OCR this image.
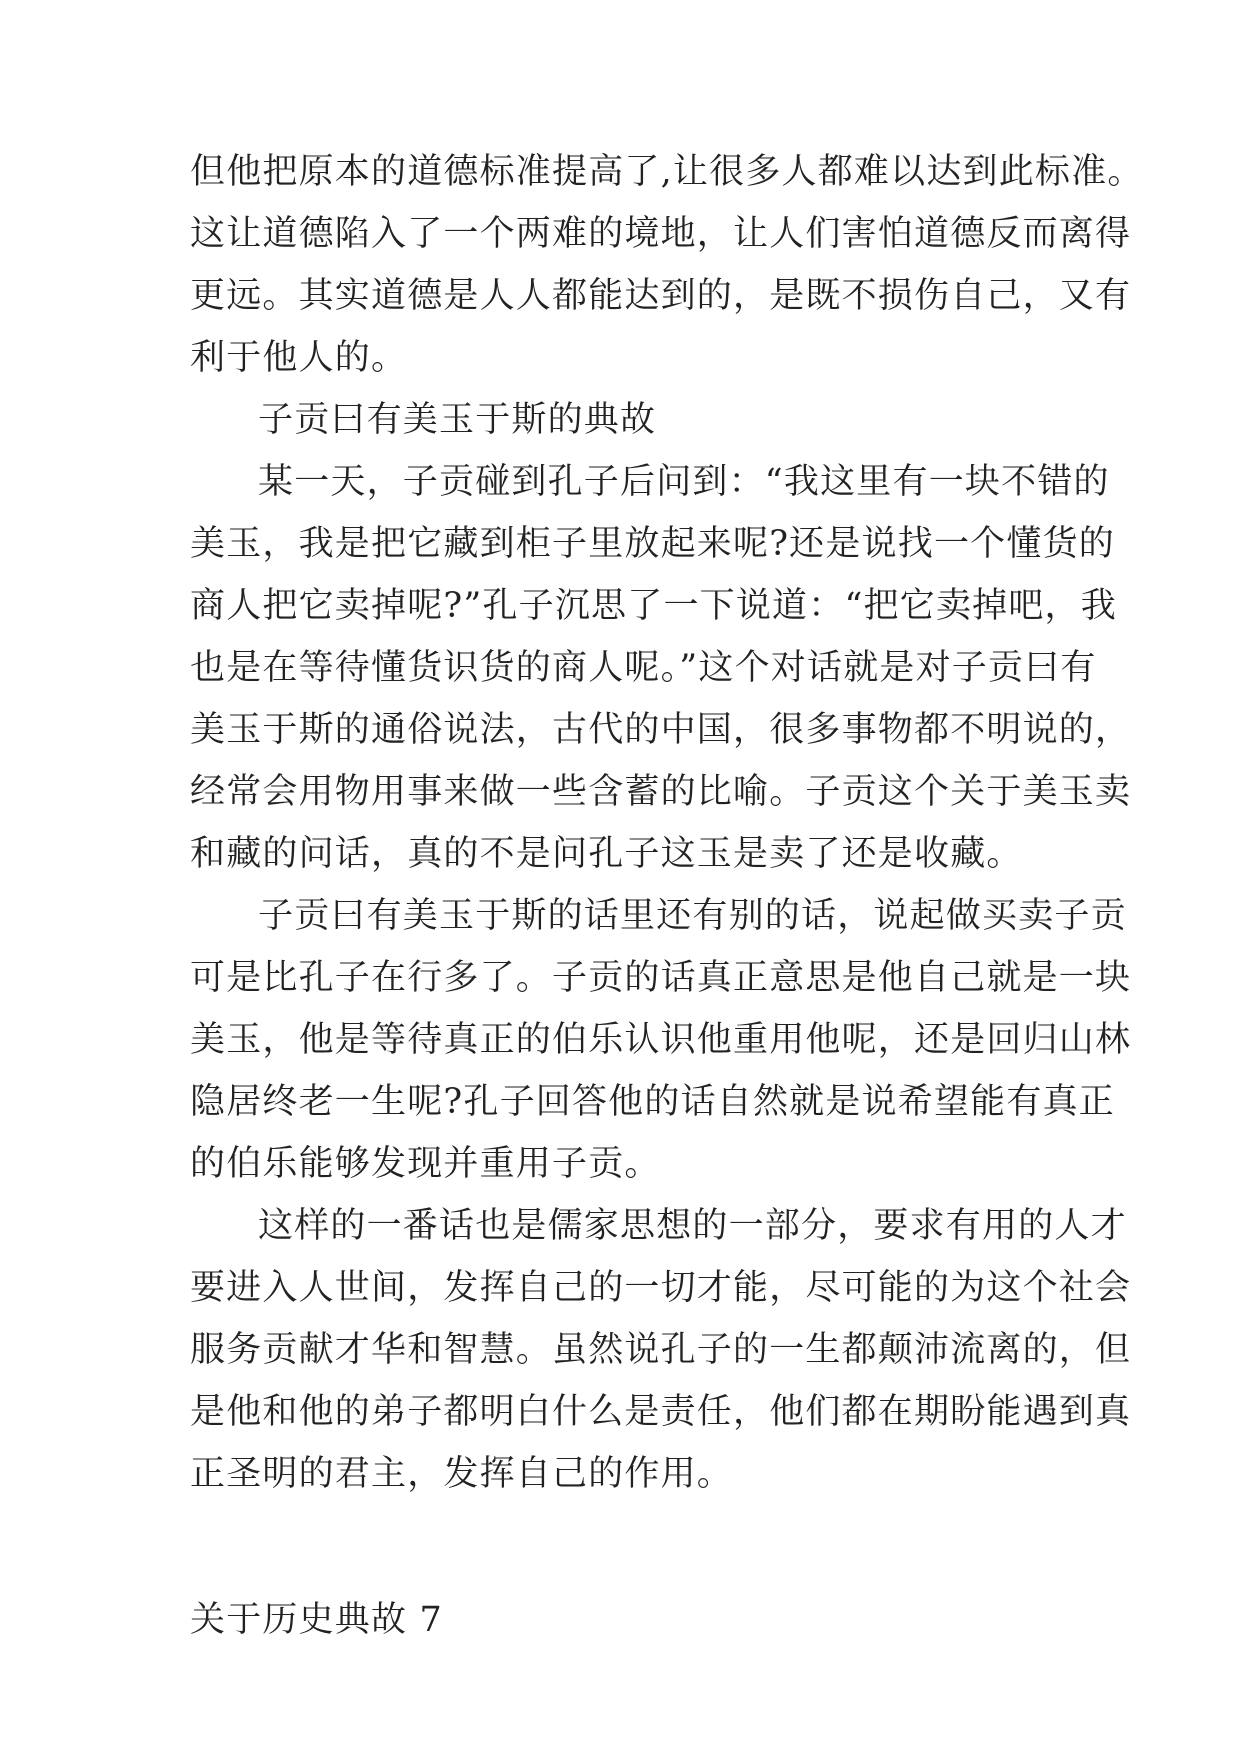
但他把原本的道德标准提高了,让很多人都难以达到此标准。
这让道德陷入了一个两难的境地，让人们害怕道德反而离得
更远。其实道德是人人都能达到的，是既不损伤自己，又有
利于他人的。
子贡曰有美玉于斯的典故
某一天，子贡碰到孔子后问到：“我这里有一块不错的
美玉，我是把它藏到柜子里放起来呢?还是说找一个懂货的
商人把它卖掉呢?”孔子沉思了一下说道：“把它卖掉吧，我
也是在等待懂货识货的商人呢。”这个对话就是对子贡曰有
美玉于斯的通俗说法，古代的中国，很多事物都不明说的，
经常会用物用事来做一些含蓄的比喻。子贡这个关于美玉卖
和藏的问话，真的不是问孔子这玉是卖了还是收藏。
子贡曰有美玉于斯的话里还有别的话，说起做买卖子贡
可是比孔子在行多了。子贡的话真正意思是他自己就是一块
美玉，他是等待真正的伯乐认识他重用他呢，还是回归山林
隐居终老一生呢?孔子回答他的话自然就是说希望能有真正
的伯乐能够发现并重用子贡。
这样的一番话也是儒家思想的一部分，要求有用的人才
要进入人世间，发挥自己的一切才能，尽可能的为这个社会
服务贡献才华和智慧。虽然说孔子的一生都颠沛流离的，但
是他和他的弟子都明白什么是责任，他们都在期盼能遇到真
正圣明的君主，发挥自己的作用。
关于历史典故 7
